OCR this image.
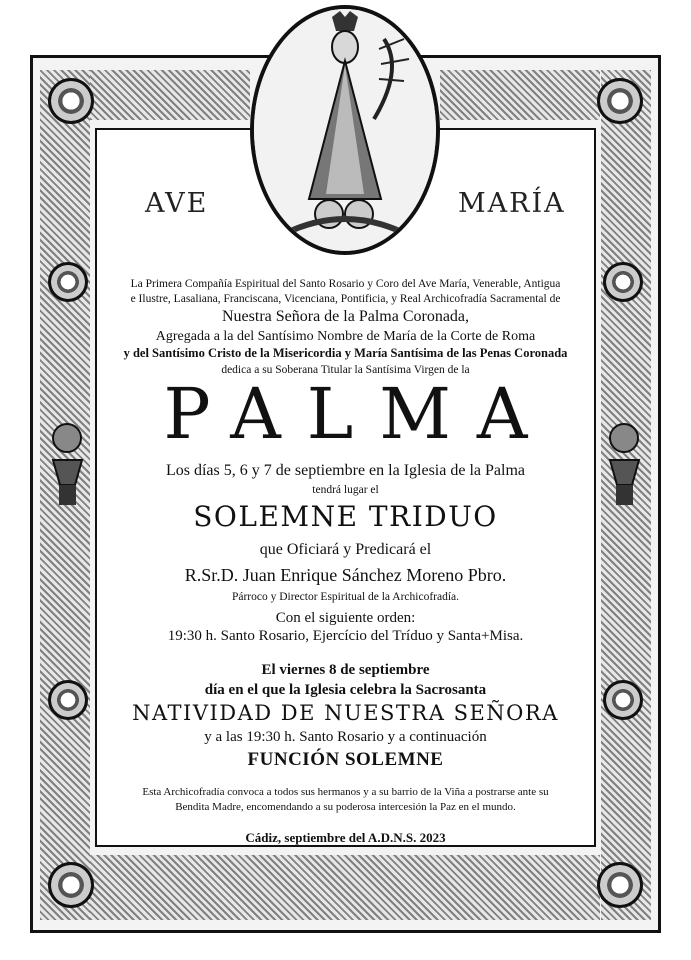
AVE	MARÍA
La Primera Compañía Espiritual del Santo Rosario y Coro del Ave María, Venerable, Antigua
e Ilustre, Lasaliana, Franciscana, Vicenciana, Pontificia, y Real Archicofradía Sacramental de
Nuestra Señora de la Palma Coronada,
Agregada a la del Santísimo Nombre de María de la Corte de Roma
y del Santísimo Cristo de la Misericordia y María Santísima de las Penas Coronada
dedica a su Soberana Titular la Santísima Virgen de la
PALMA
Los días 5, 6 y 7 de septiembre en la Iglesia de la Palma
tendrá lugar el
SOLEMNE TRIDUO
que Oficiará y Predicará el
R.Sr.D. Juan Enrique Sánchez Moreno Pbro.
Párroco y Director Espiritual de la Archicofradía.
Con el siguiente orden:
19:30 h. Santo Rosario, Ejercício del Tríduo y Santa+Misa.
El viernes 8 de septiembre
día en el que la Iglesia celebra la Sacrosanta
NATIVIDAD DE NUESTRA SEÑORA
y a las 19:30 h. Santo Rosario y a continuación
FUNCIÓN SOLEMNE
Esta Archicofradía convoca a todos sus hermanos y a su barrio de la Viña a postrarse ante su
Bendita Madre, encomendando a su poderosa intercesión la Paz en el mundo.
Cádiz, septiembre del A.D.N.S. 2023
